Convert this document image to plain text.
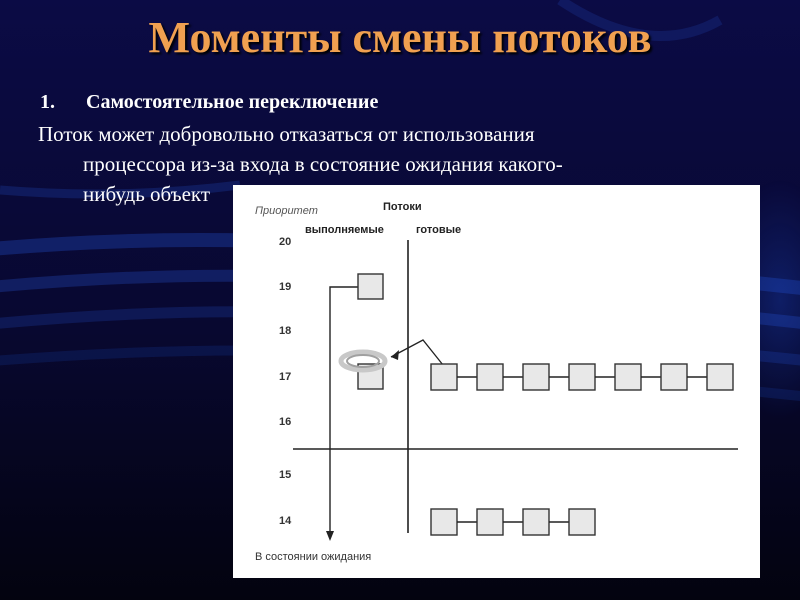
Моменты смены потоков
1. Самостоятельное переключение
Поток может добровольно отказаться от использования
процессора из-за входа в состояние ожидания какого-
нибудь объект
Приоритет	Потоки
выполняемые	готовые
В состоянии ожидания
20
19
18
17
16
15
14
